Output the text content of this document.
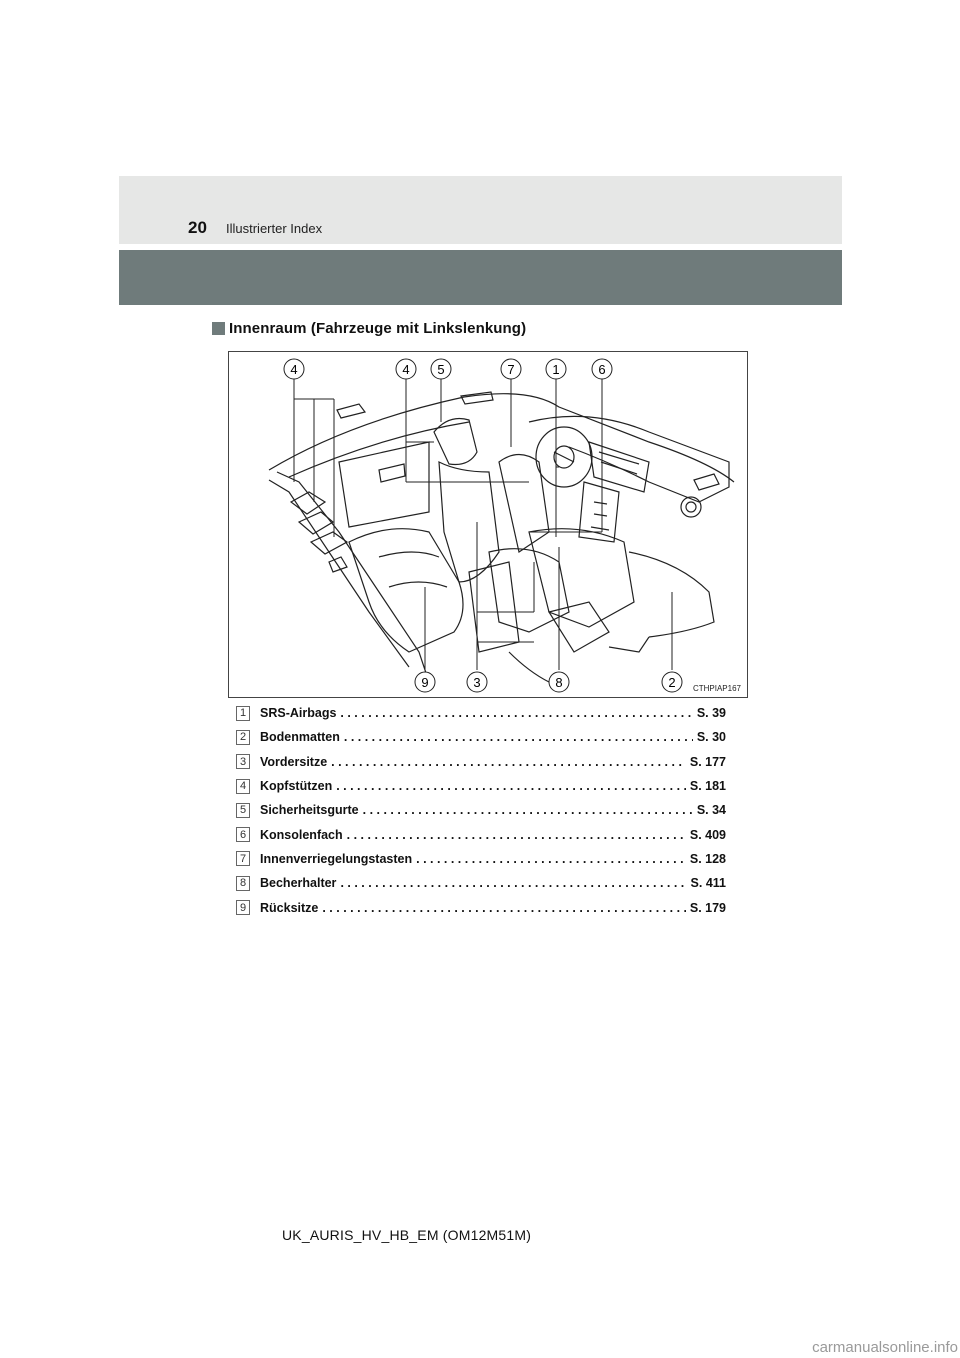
20 Illustrierter Index
Innenraum (Fahrzeuge mit Linkslenkung)
4	4 5	7	1	6
9	3	8	2 CTHPIAP167
1	SRS-Airbags . . .	S. 39
2	Bodenmatten . . .	S. 30
3	Vordersitze . . .	S. 177
4	Kopfstützen . . .	S. 181
5	Sicherheitsgurte . . .	S. 34
6	Konsolenfach . . .	S. 409
7	Innenverriegelungstasten . . .	S. 128
8	Becherhalter . . .	S. 411
9	Rücksitze . . .	S. 179
UK_AURIS_HV_HB_EM (OM12M51M)
carmanualsonline.info
